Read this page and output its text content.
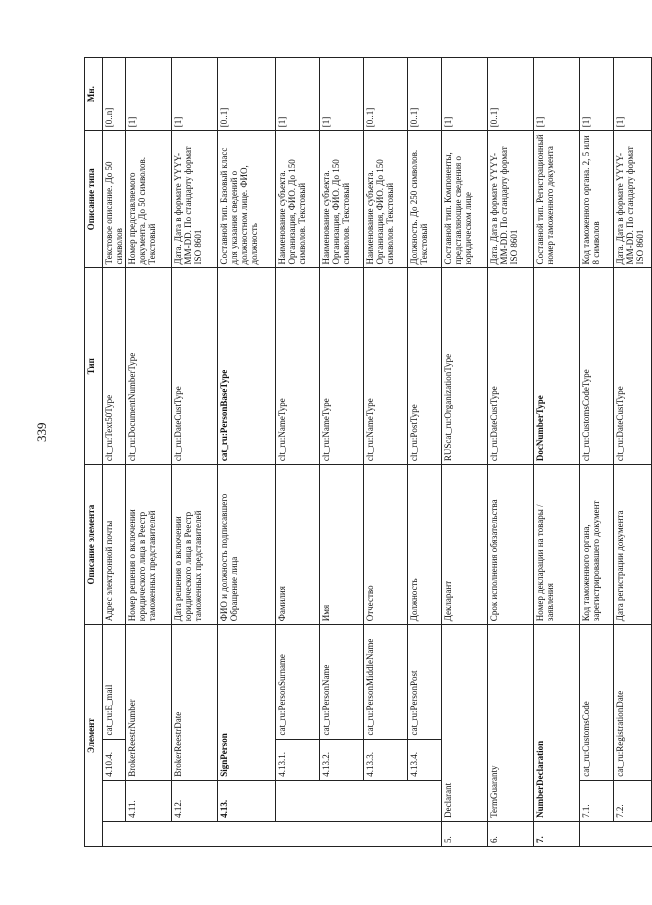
339
Элемент				Описание элемента	Тип	Описание типа	Мн.
		4.10.4.	cat_ru:E_mail	Адрес электронной почты	clt_ru:Text50Type	Текстовое описание. До 50 символов	[0..n]
	4.11.	BrokerReestrNumber		Номер решения о включении юридического лица в Реестр таможенных представителей	clt_ru:DocumentNumberType	Номер представляемого документа. До 50 символов. Текстовый	[1]
	4.12.	BrokerReestrDate		Дата решения о включении юридического лица в Реестр таможенных представителей	clt_ru:DateCustType	Дата. Дата в формате YYYY-MM-DD. По стандарту формат ISO 8601	[1]
	4.13.	SignPerson		ФИО и должность подписавшего Обращение лица	cat_ru:PersonBaseType	Составной тип. Базовый класс для указания сведений о должностном лице. ФИО, должность	[0..1]
		4.13.1.	cat_ru:PersonSurname	Фамилия	clt_ru:NameType	Наименование субъекта. Организация, ФИО. До 150 символов. Текстовый	[1]
		4.13.2.	cat_ru:PersonName	Имя	clt_ru:NameType	Наименование субъекта. Организация, ФИО. До 150 символов. Текстовый	[1]
		4.13.3.	cat_ru:PersonMiddleName	Отчество	clt_ru:NameType	Наименование субъекта. Организация, ФИО. До 150 символов. Текстовый	[0..1]
		4.13.4.	cat_ru:PersonPost	Должность	clt_ru:PostType	Должность. До 250 символов. Текстовый	[0..1]
5.	Declarant			Декларант	RUScat_ru:OrganizationType	Составной тип. Компоненты, представляющие сведения о юридическом лице	[1]
6.	TermGuaranty			Срок исполнения обязательства	clt_ru:DateCustType	Дата. Дата в формате YYYY-MM-DD. По стандарту формат ISO 8601	[0..1]
7.	NumberDeclaration			Номер декларации на товары / заявления	DocNumberType	Составной тип. Регистрационный номер таможенного документа	[1]
	7.1.	cat_ru:CustomsCode		Код таможенного органа, зарегистрировавшего документ	clt_ru:CustomsCodeType	Код таможенного органа. 2, 5 или 8 символов	[1]
	7.2.	cat_ru:RegistrationDate		Дата регистрации документа	clt_ru:DateCustType	Дата. Дата в формате YYYY-MM-DD. По стандарту формат ISO 8601	[1]
